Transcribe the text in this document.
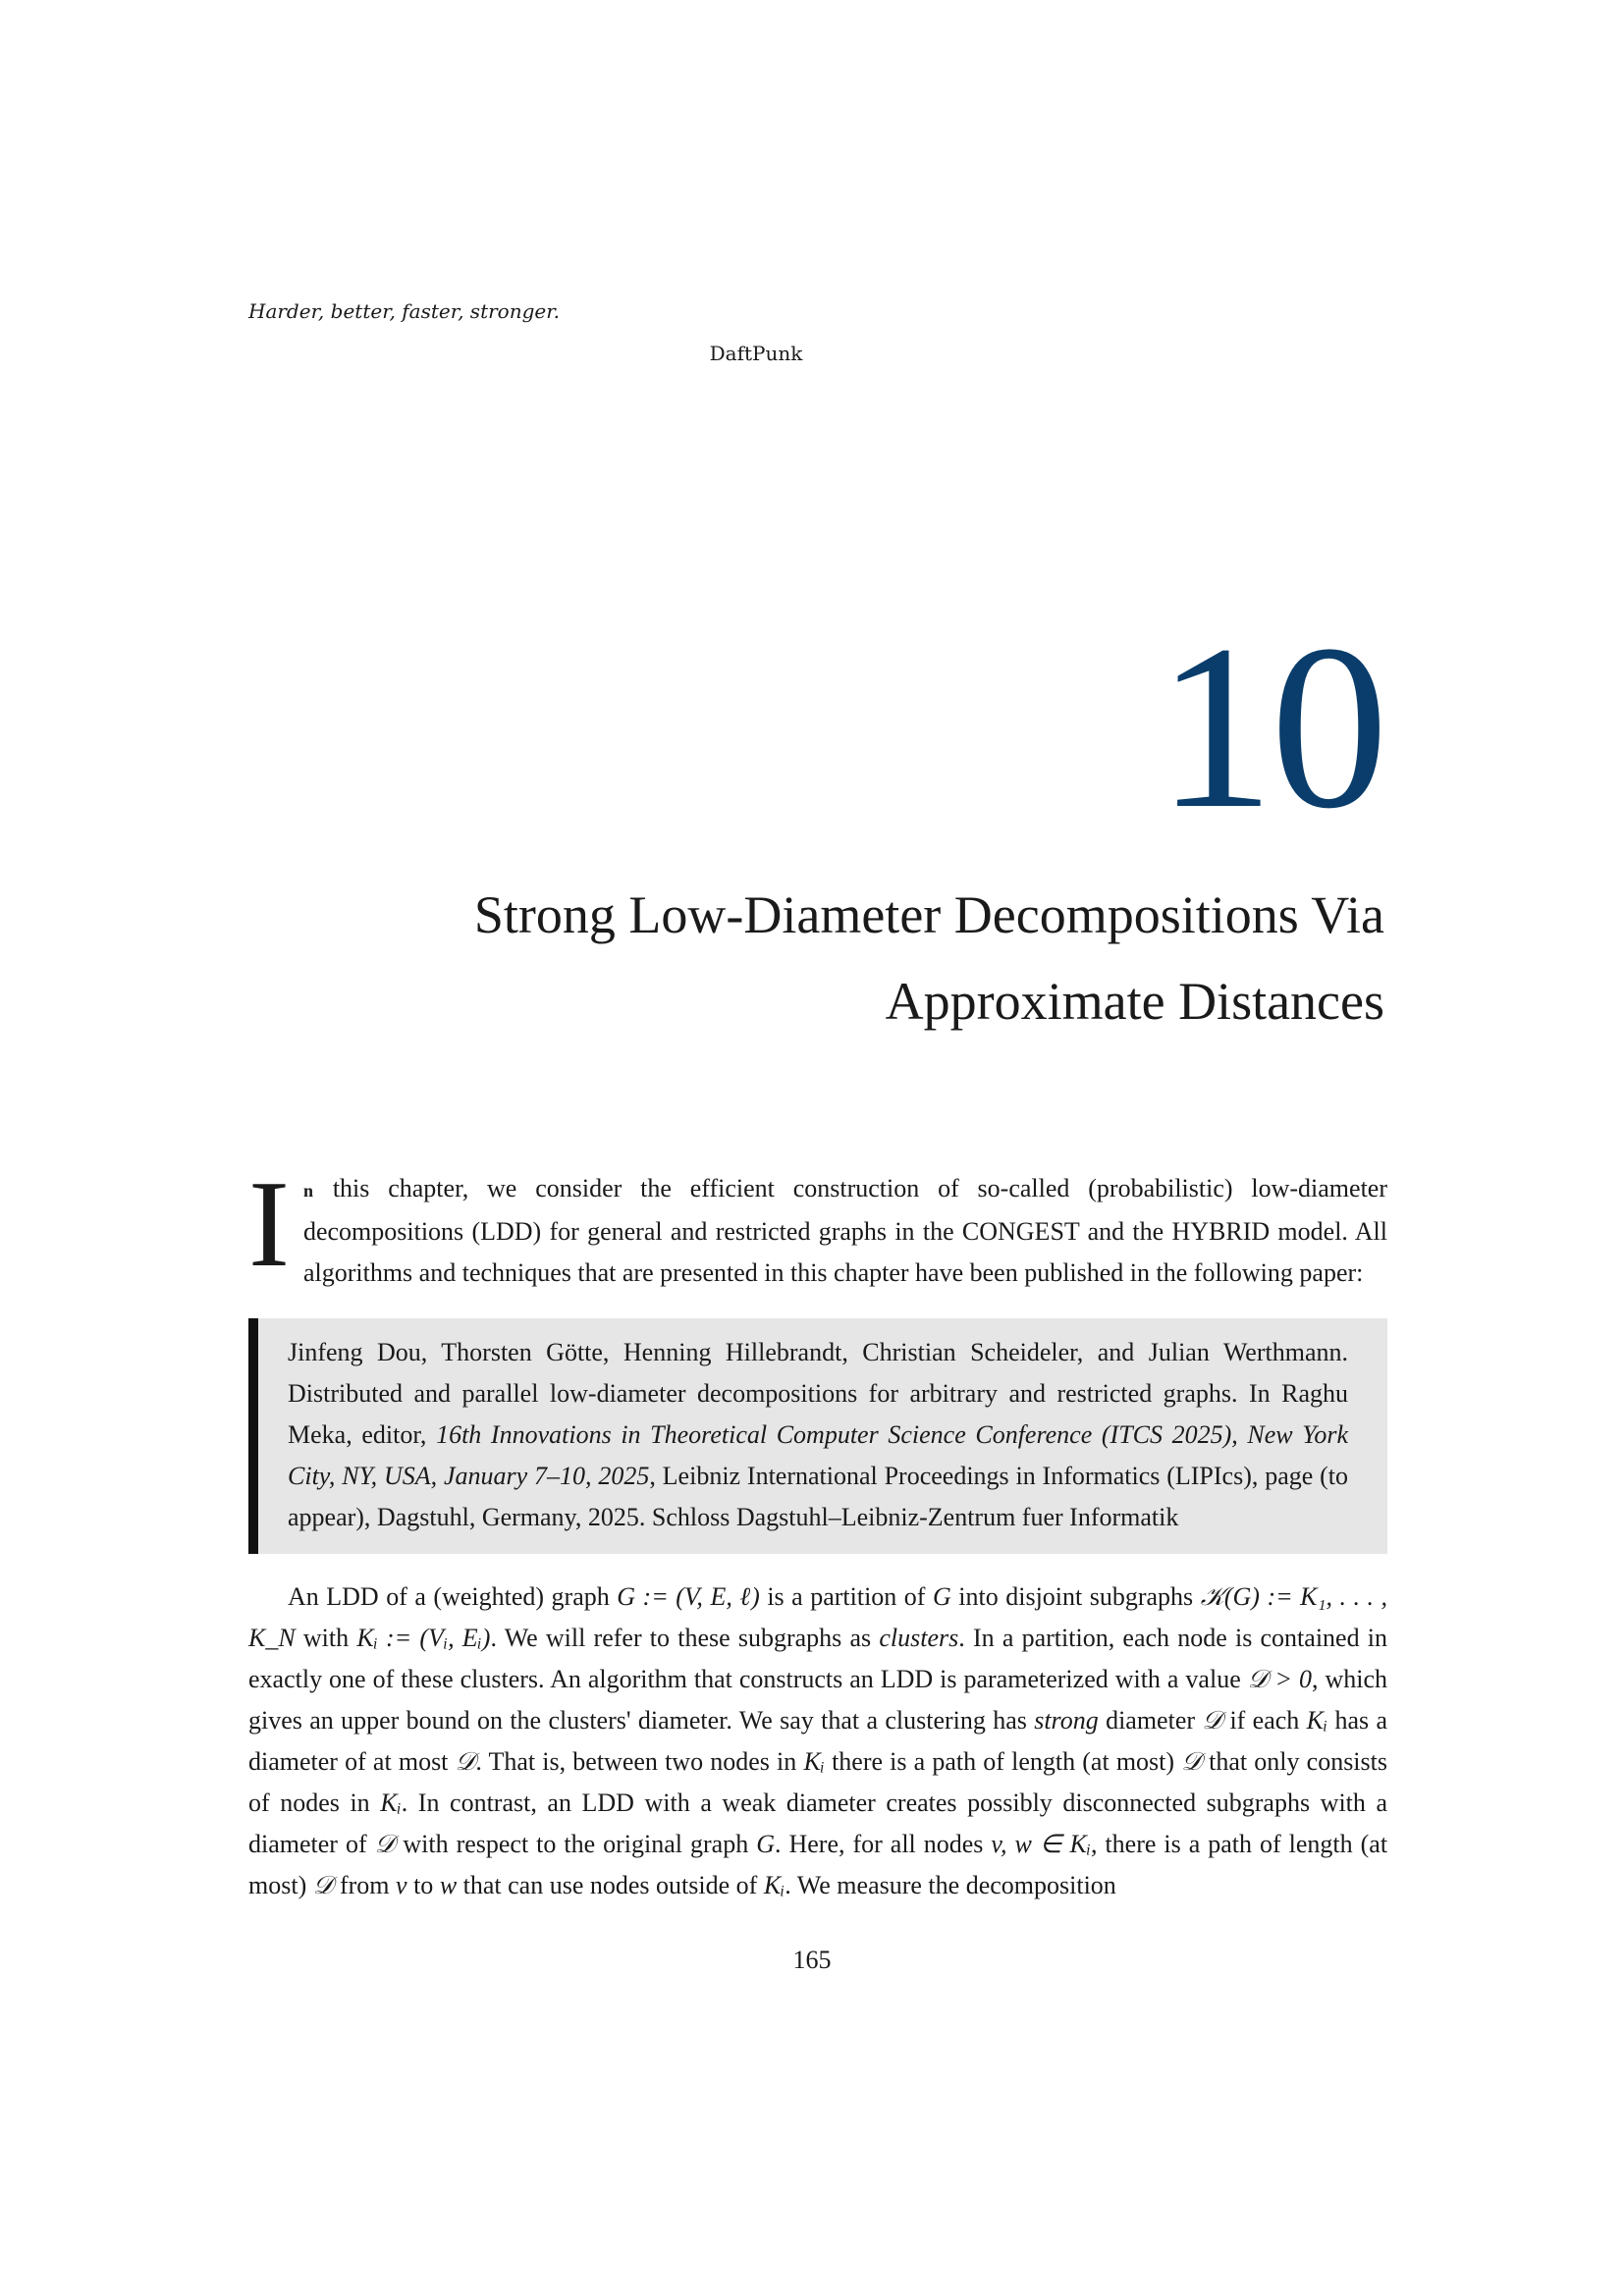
Harder, better, faster, stronger.
DaftPunk
10
Strong Low-Diameter Decompositions Via
Approximate Distances
In this chapter, we consider the efficient construction of so-called (probabilistic) low-diameter decompositions (LDD) for general and restricted graphs in the CONGEST and the HYBRID model. All algorithms and techniques that are presented in this chapter have been published in the following paper:
Jinfeng Dou, Thorsten Götte, Henning Hillebrandt, Christian Scheideler, and Julian Werthmann. Distributed and parallel low-diameter decompositions for arbitrary and restricted graphs. In Raghu Meka, editor, 16th Innovations in Theoretical Computer Science Conference (ITCS 2025), New York City, NY, USA, January 7–10, 2025, Leibniz International Proceedings in Informatics (LIPIcs), page (to appear), Dagstuhl, Germany, 2025. Schloss Dagstuhl–Leibniz-Zentrum fuer Informatik
An LDD of a (weighted) graph G := (V, E, ℓ) is a partition of G into disjoint subgraphs 𝒦(G) := K₁, . . . , K_N with Kᵢ := (Vᵢ, Eᵢ). We will refer to these subgraphs as clusters. In a partition, each node is contained in exactly one of these clusters. An algorithm that constructs an LDD is parameterized with a value 𝒟 > 0, which gives an upper bound on the clusters' diameter. We say that a clustering has strong diameter 𝒟 if each Kᵢ has a diameter of at most 𝒟. That is, between two nodes in Kᵢ there is a path of length (at most) 𝒟 that only consists of nodes in Kᵢ. In contrast, an LDD with a weak diameter creates possibly disconnected subgraphs with a diameter of 𝒟 with respect to the original graph G. Here, for all nodes v, w ∈ Kᵢ, there is a path of length (at most) 𝒟 from v to w that can use nodes outside of Kᵢ. We measure the decomposition
165
